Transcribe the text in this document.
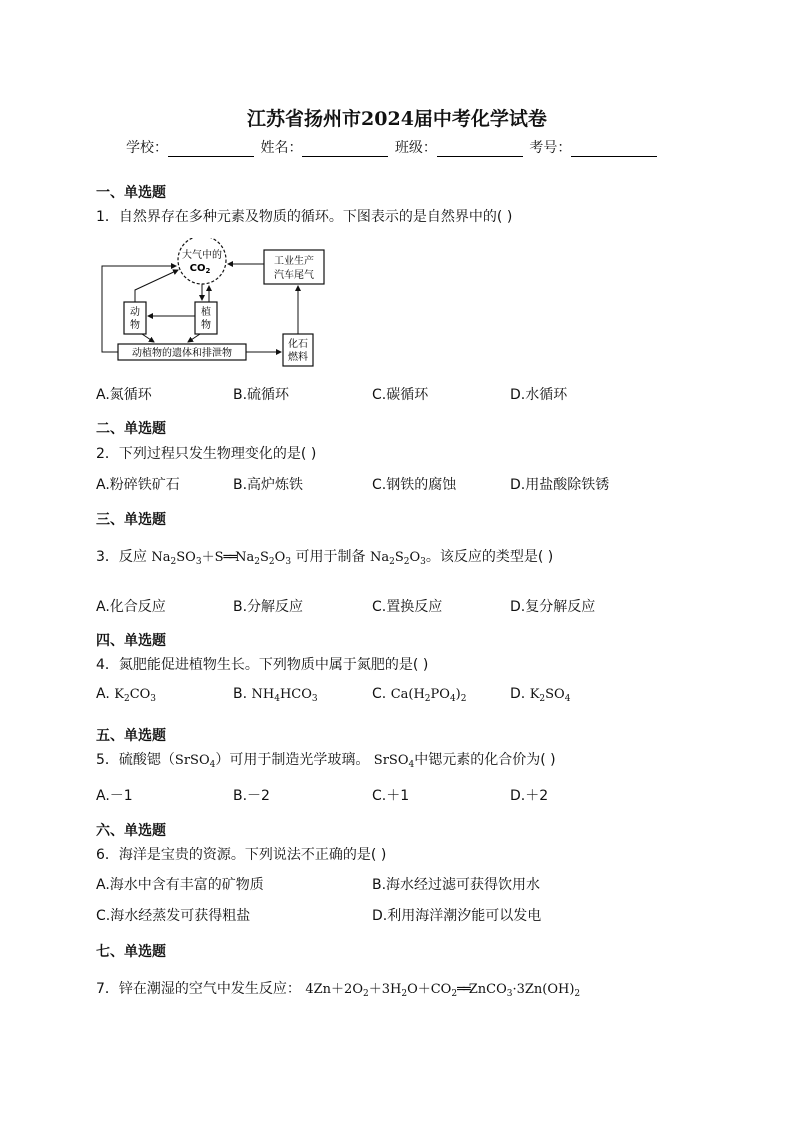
江苏省扬州市2024届中考化学试卷
学校：	姓名：	班级：	考号：
一、单选题
1．自然界存在多种元素及物质的循环。下图表示的是自然界中的( )
大气中的
$CO_2$
工业生产
汽车尾气
动
物
植
物
动植物的遗体和排泄物
化石
燃料
A.氮循环	B.硫循环	C.碳循环	D.水循环
二、单选题
2．下列过程只发生物理变化的是( )
A.粉碎铁矿石	B.高炉炼铁	C.钢铁的腐蚀	D.用盐酸除铁锈
三、单选题
3．反应 $Na_2SO_3+S══Na_2S_2O_3$ 可用于制备 $Na_2S_2O_3$。该反应的类型是( )
A.化合反应	B.分解反应	C.置换反应	D.复分解反应
四、单选题
4．氮肥能促进植物生长。下列物质中属于氮肥的是( )
A. $K_2CO_3$	B. $NH_4HCO_3$	C. $Ca(H_2PO_4)_2$	D. $K_2SO_4$
五、单选题
5．硫酸锶（SrSO$_4$）可用于制造光学玻璃。 SrSO$_4$中锶元素的化合价为( )
A.－1	B.－2	C.＋1	D.＋2
六、单选题
6．海洋是宝贵的资源。下列说法不正确的是( )
A.海水中含有丰富的矿物质	B.海水经过滤可获得饮用水
C.海水经蒸发可获得粗盐	D.利用海洋潮汐能可以发电
七、单选题
7．锌在潮湿的空气中发生反应： $4Zn+2O_2+3H_2O+CO_2══ZnCO_3\cdot 3Zn(OH)_2$
